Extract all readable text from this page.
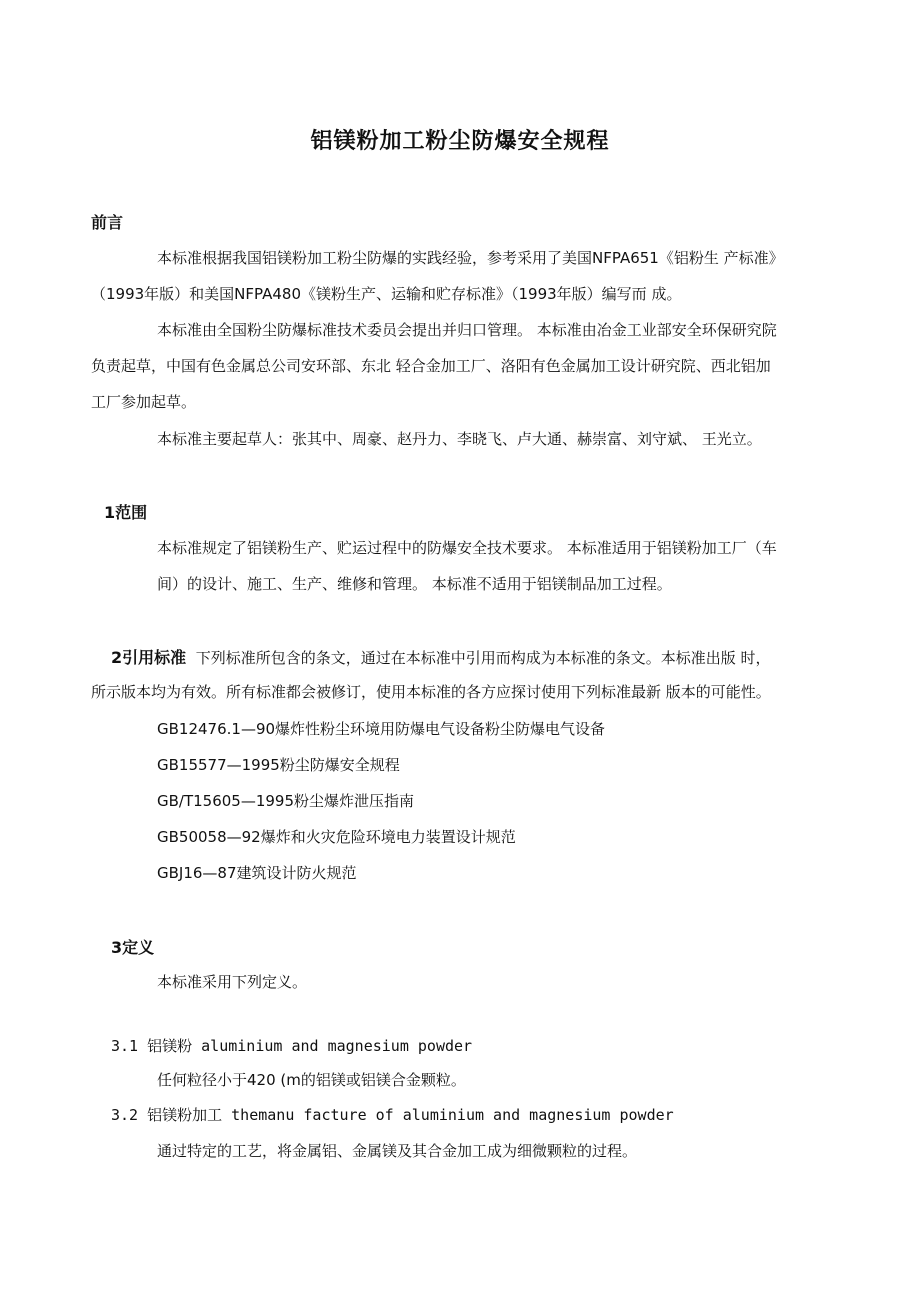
铝镁粉加工粉尘防爆安全规程
前言
本标准根据我国铝镁粉加工粉尘防爆的实践经验，参考采用了美国NFPA651《铝粉生 产标准》
（1993年版）和美国NFPA480《镁粉生产、运输和贮存标准》（1993年版）编写而 成。
本标准由全国粉尘防爆标准技术委员会提出并归口管理。 本标准由冶金工业部安全环保研究院
负责起草，中国有色金属总公司安环部、东北 轻合金加工厂、洛阳有色金属加工设计研究院、西北铝加
工厂参加起草。
本标准主要起草人：张其中、周豪、赵丹力、李晓飞、卢大通、赫崇富、刘守斌、 王光立。
1范围
本标准规定了铝镁粉生产、贮运过程中的防爆安全技术要求。 本标准适用于铝镁粉加工厂（车
间）的设计、施工、生产、维修和管理。 本标准不适用于铝镁制品加工过程。
2引用标准 下列标准所包含的条文，通过在本标准中引用而构成为本标准的条文。本标准出版 时，
所示版本均为有效。所有标准都会被修订，使用本标准的各方应探讨使用下列标准最新 版本的可能性。
GB12476.1—90爆炸性粉尘环境用防爆电气设备粉尘防爆电气设备
GB15577—1995粉尘防爆安全规程
GB/T15605—1995粉尘爆炸泄压指南
GB50058—92爆炸和火灾危险环境电力装置设计规范
GBJ16—87建筑设计防火规范
3定义
本标准采用下列定义。
3.1 铝镁粉 aluminium and magnesium powder
任何粒径小于420 (m的铝镁或铝镁合金颗粒。
3.2 铝镁粉加工 themanu facture of aluminium and magnesium powder
通过特定的工艺，将金属铝、金属镁及其合金加工成为细微颗粒的过程。
